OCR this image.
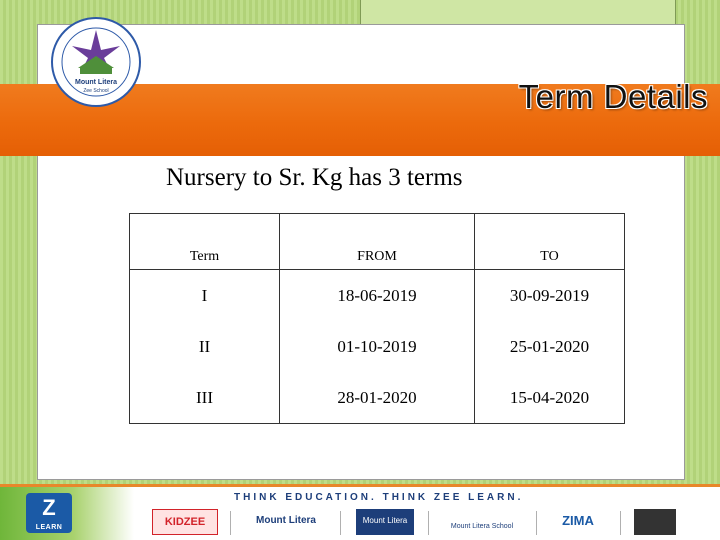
Mount Litera
Zee School	Term Details
Nursery to Sr. Kg has 3 terms
Term	FROM	TO
I	18-06-2019	30-09-2019
II	01-10-2019	25-01-2020
III	28-01-2020	15-04-2020
Z
LEARN

THINK EDUCATION. THINK ZEE LEARN.

KIDZEE	Mount Litera	Mount Litera
Mount Litera School	ZIMA
